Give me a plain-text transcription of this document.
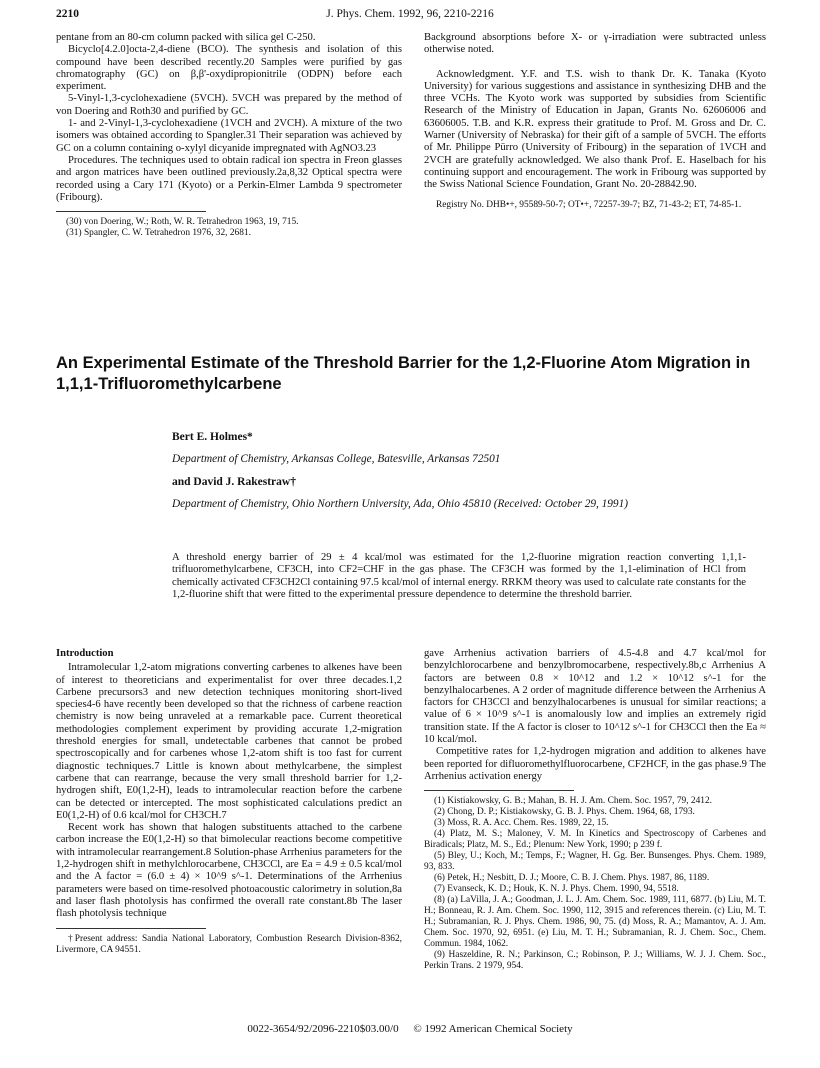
2210	J. Phys. Chem. 1992, 96, 2210-2216

pentane from an 80-cm column packed with silica gel C-250.

Bicyclo[4.2.0]octa-2,4-diene (BCO). The synthesis and isolation of this compound have been described recently.20 Samples were purified by gas chromatography (GC) on β,β'-oxydipropionitrile (ODPN) before each experiment.

5-Vinyl-1,3-cyclohexadiene (5VCH). 5VCH was prepared by the method of von Doering and Roth30 and purified by GC.

1- and 2-Vinyl-1,3-cyclohexadiene (1VCH and 2VCH). A mixture of the two isomers was obtained according to Spangler.31 Their separation was achieved by GC on a column containing o-xylyl dicyanide impregnated with AgNO3.23

Procedures. The techniques used to obtain radical ion spectra in Freon glasses and argon matrices have been outlined previously.2a,8,32 Optical spectra were recorded using a Cary 171 (Kyoto) or a Perkin-Elmer Lambda 9 spectrometer (Fribourg).

(30) von Doering, W.; Roth, W. R. Tetrahedron 1963, 19, 715.

(31) Spangler, C. W. Tetrahedron 1976, 32, 2681.

Background absorptions before X- or γ-irradiation were subtracted unless otherwise noted.

Acknowledgment. Y.F. and T.S. wish to thank Dr. K. Tanaka (Kyoto University) for various suggestions and assistance in synthesizing DHB and the three VCHs. The Kyoto work was supported by subsidies from Scientific Research of the Ministry of Education in Japan, Grants No. 62606006 and 63606005. T.B. and K.R. express their gratitude to Prof. M. Gross and Dr. C. Warner (University of Nebraska) for their gift of a sample of 5VCH. The efforts of Mr. Philippe Pürro (University of Fribourg) in the separation of 1VCH and 2VCH are gratefully acknowledged. We also thank Prof. E. Haselbach for his continuing support and encouragement. The work in Fribourg was supported by the Swiss National Science Foundation, Grant No. 20-28842.90.

Registry No. DHB•+, 95589-50-7; OT•+, 72257-39-7; BZ, 71-43-2; ET, 74-85-1.

An Experimental Estimate of the Threshold Barrier for the 1,2-Fluorine Atom Migration in 1,1,1-Trifluoromethylcarbene
Bert E. Holmes*
Department of Chemistry, Arkansas College, Batesville, Arkansas 72501
and David J. Rakestraw†
Department of Chemistry, Ohio Northern University, Ada, Ohio 45810 (Received: October 29, 1991)
A threshold energy barrier of 29 ± 4 kcal/mol was estimated for the 1,2-fluorine migration reaction converting 1,1,1-trifluoromethylcarbene, CF3CH, into CF2=CHF in the gas phase. The CF3CH was formed by the 1,1-elimination of HCl from chemically activated CF3CH2Cl containing 97.5 kcal/mol of internal energy. RRKM theory was used to calculate rate constants for the 1,2-fluorine shift that were fitted to the experimental pressure dependence to determine the threshold barrier.

Introduction

Intramolecular 1,2-atom migrations converting carbenes to alkenes have been of interest to theoreticians and experimentalist for over three decades.1,2 Carbene precursors3 and new detection techniques monitoring short-lived species4-6 have recently been developed so that the richness of carbene reaction chemistry is now being unraveled at a remarkable pace. Current theoretical methodologies complement experiment by providing accurate 1,2-migration threshold energies for small, undetectable carbenes that cannot be probed spectroscopically and for carbenes whose 1,2-atom shift is too fast for current diagnostic techniques.7 Little is known about methylcarbene, the simplest carbene that can rearrange, because the very small threshold barrier for 1,2-hydrogen shift, E0(1,2-H), leads to intramolecular reaction before the carbene can be detected or intercepted. The most sophisticated calculations predict an E0(1,2-H) of 0.6 kcal/mol for CH3CH.7

Recent work has shown that halogen substituents attached to the carbene carbon increase the E0(1,2-H) so that bimolecular reactions become competitive with intramolecular rearrangement.8 Solution-phase Arrhenius parameters for the 1,2-hydrogen shift in methylchlorocarbene, CH3CCl, are Ea = 4.9 ± 0.5 kcal/mol and the A factor = (6.0 ± 4) × 10^9 s^-1. Determinations of the Arrhenius parameters were based on time-resolved photoacoustic calorimetry in solution,8a and laser flash photolysis has confirmed the overall rate constant.8b The laser flash photolysis technique

†Present address: Sandia National Laboratory, Combustion Research Division-8362, Livermore, CA 94551.

gave Arrhenius activation barriers of 4.5-4.8 and 4.7 kcal/mol for benzylchlorocarbene and benzylbromocarbene, respectively.8b,c Arrhenius A factors are between 0.8 × 10^12 and 1.2 × 10^12 s^-1 for the benzylhalocarbenes. A 2 order of magnitude difference between the Arrhenius A factors for CH3CCl and benzylhalocarbenes is unusual for similar reactions; a value of 6 × 10^9 s^-1 is anomalously low and implies an extremely rigid transition state. If the A factor is closer to 10^12 s^-1 for CH3CCl then the Ea ≈ 10 kcal/mol.

Competitive rates for 1,2-hydrogen migration and addition to alkenes have been reported for difluoromethylfluorocarbene, CF2HCF, in the gas phase.9 The Arrhenius activation energy

(1) Kistiakowsky, G. B.; Mahan, B. H. J. Am. Chem. Soc. 1957, 79, 2412.

(2) Chong, D. P.; Kistiakowsky, G. B. J. Phys. Chem. 1964, 68, 1793.

(3) Moss, R. A. Acc. Chem. Res. 1989, 22, 15.

(4) Platz, M. S.; Maloney, V. M. In Kinetics and Spectroscopy of Carbenes and Biradicals; Platz, M. S., Ed.; Plenum: New York, 1990; p 239 f.

(5) Bley, U.; Koch, M.; Temps, F.; Wagner, H. Gg. Ber. Bunsenges. Phys. Chem. 1989, 93, 833.

(6) Petek, H.; Nesbitt, D. J.; Moore, C. B. J. Chem. Phys. 1987, 86, 1189.

(7) Evanseck, K. D.; Houk, K. N. J. Phys. Chem. 1990, 94, 5518.

(8) (a) LaVilla, J. A.; Goodman, J. L. J. Am. Chem. Soc. 1989, 111, 6877. (b) Liu, M. T. H.; Bonneau, R. J. Am. Chem. Soc. 1990, 112, 3915 and references therein. (c) Liu, M. T. H.; Subramanian, R. J. Phys. Chem. 1986, 90, 75. (d) Moss, R. A.; Mamantov, A. J. Am. Chem. Soc. 1970, 92, 6951. (e) Liu, M. T. H.; Subramanian, R. J. Chem. Soc., Chem. Commun. 1984, 1062.

(9) Haszeldine, R. N.; Parkinson, C.; Robinson, P. J.; Williams, W. J. J. Chem. Soc., Perkin Trans. 2 1979, 954.

0022-3654/92/2096-2210$03.00/0 © 1992 American Chemical Society
